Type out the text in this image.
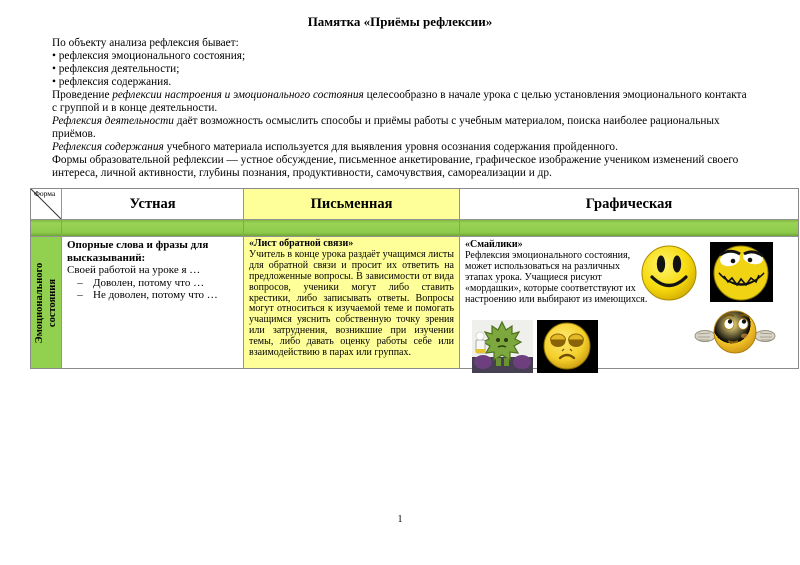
Памятка «Приёмы рефлексии»

По объекту анализа рефлексия бывает:

• рефлексия эмоционального состояния;

• рефлексия деятельности;

• рефлексия содержания.

Проведение рефлексии настроения и эмоционального состояния целесообразно в начале урока с целью установления эмоционального контакта с группой и в конце деятельности.

Рефлексия деятельности даёт возможность осмыслить способы и приёмы работы с учебным материалом, поиска наиболее рациональных приёмов.

Рефлексия содержания учебного материала используется для выявления уровня осознания содержания пройденного.

Формы образовательной рефлексии — устное обсуждение, письменное анкетирование, графическое изображение учеником изменений своего интереса, личной активности, глубины познания, продуктивности, самочувствия, самореализации и др.

Форма
Устная	Письменная	Графическая
Эмоционального состояния
Опорные слова и фразы для высказываний:
Своей работой на уроке я …
– Доволен, потому что …
– Не доволен, потому что …
«Лист обратной связи»
Учитель в конце урока раздаёт учащимся листы для обратной связи и просит их ответить на предложенные вопросы. В зависимости от вида вопросов, ученики могут либо ставить крестики, либо записывать ответы. Вопросы могут относиться к изучаемой теме и помогать учащимся уяснить собственную точку зрения или затруднения, возникшие при изучении темы, либо давать оценку работы себе или взаимодействию в парах или группах.
«Смайлики»
Рефлексия эмоционального состояния, может использоваться на различных этапах урока. Учащиеся рисуют «мордашки», которые соответствуют их настроению или выбирают из имеющихся.
1
